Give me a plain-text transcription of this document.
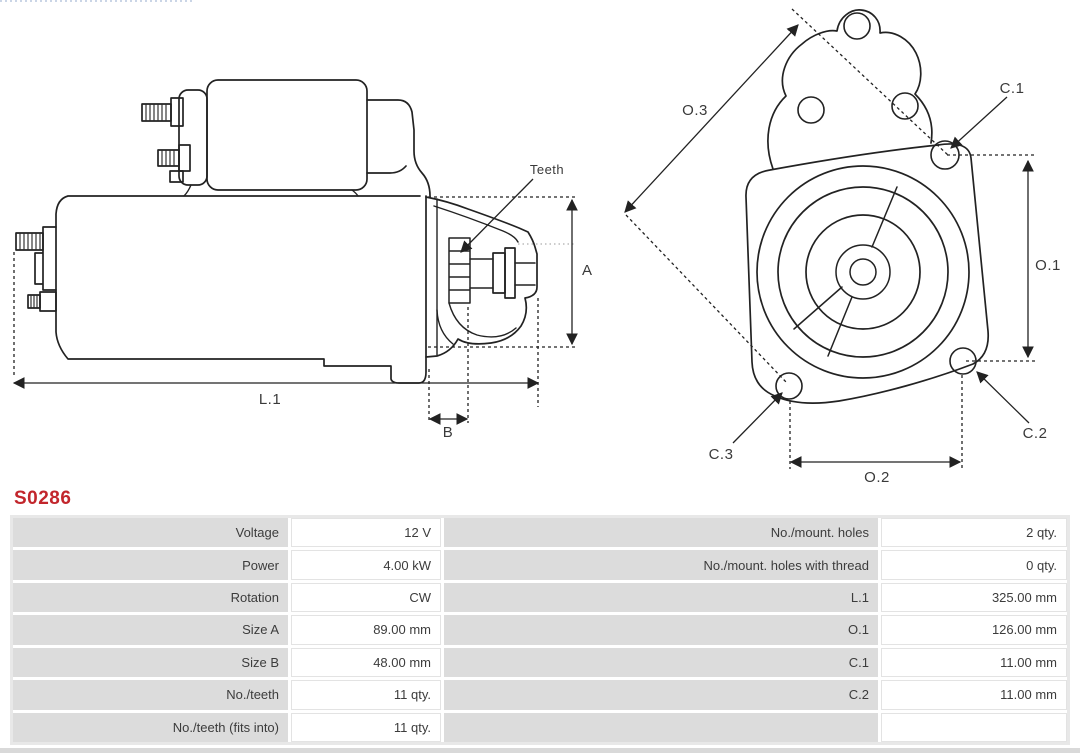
Teeth
A
L.1
B
O.3
C.1
O.1
C.3
C.2
O.2
S0286
Voltage	12 V	No./mount. holes	2 qty.
Power	4.00 kW	No./mount. holes with thread	0 qty.
Rotation	CW	L.1	325.00 mm
Size A	89.00 mm	O.1	126.00 mm
Size B	48.00 mm	C.1	11.00 mm
No./teeth	11 qty.	C.2	11.00 mm
No./teeth (fits into)	11 qty.
